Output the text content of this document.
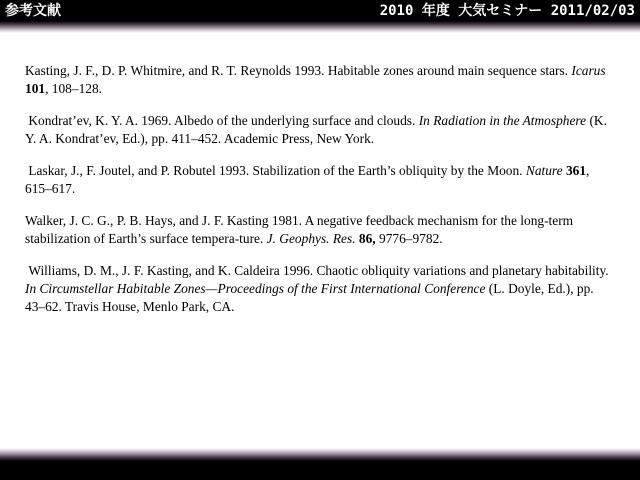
参考文献	2010 年度 大気セミナー 2011/02/03

Kasting, J. F., D. P. Whitmire, and R. T. Reynolds 1993. Habitable zones around main sequence stars. Icarus 101, 108–128.

Kondrat’ev, K. Y. A. 1969. Albedo of the underlying surface and clouds. In Radiation in the Atmosphere (K. Y. A. Kondrat’ev, Ed.), pp. 411–452. Academic Press, New York.

Laskar, J., F. Joutel, and P. Robutel 1993. Stabilization of the Earth’s obliquity by the Moon. Nature 361, 615–617.

Walker, J. C. G., P. B. Hays, and J. F. Kasting 1981. A negative feedback mechanism for the long-term stabilization of Earth’s surface tempera-ture. J. Geophys. Res. 86, 9776–9782.

Williams, D. M., J. F. Kasting, and K. Caldeira 1996. Chaotic obliquity variations and planetary habitability. In Circumstellar Habitable Zones—Proceedings of the First International Conference (L. Doyle, Ed.), pp. 43–62. Travis House, Menlo Park, CA.
